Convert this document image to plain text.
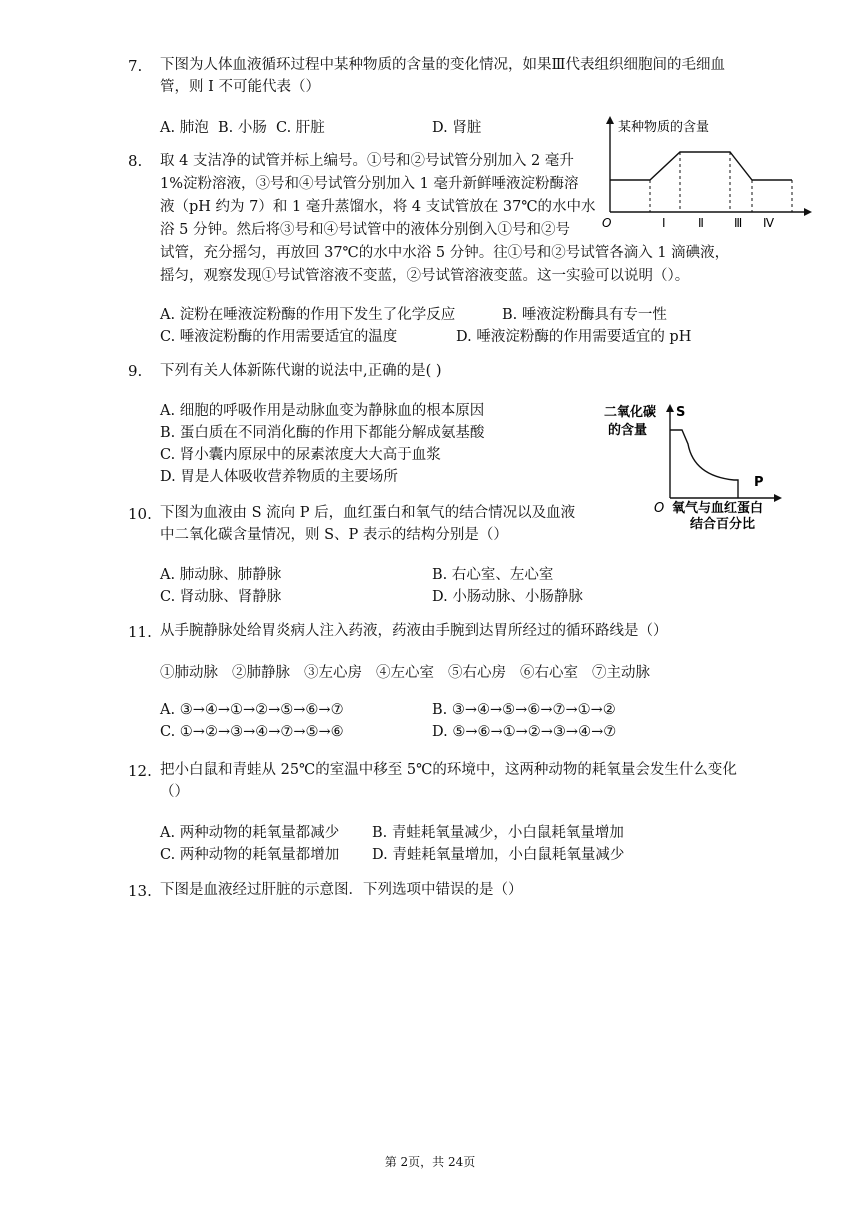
7. 下图为人体血液循环过程中某种物质的含量的变化情况，如果Ⅲ代表组织细胞间的毛细血
管，则 I 不可能代表（）
A. 肺泡 B. 小肠 C. 肝脏	D. 肾脏	某种物质的含量
O	I	Ⅱ	Ⅲ Ⅳ
8. 取 4 支洁净的试管并标上编号。①号和②号试管分别加入 2 毫升
1%淀粉溶液，③号和④号试管分别加入 1 毫升新鲜唾液淀粉酶溶
液（pH 约为 7）和 1 毫升蒸馏水，将 4 支试管放在 37℃的水中水
浴 5 分钟。然后将③号和④号试管中的液体分别倒入①号和②号
试管，充分摇匀，再放回 37℃的水中水浴 5 分钟。往①号和②号试管各滴入 1 滴碘液，
摇匀，观察发现①号试管溶液不变蓝，②号试管溶液变蓝。这一实验可以说明（）。
A. 淀粉在唾液淀粉酶的作用下发生了化学反应	B. 唾液淀粉酶具有专一性
C. 唾液淀粉酶的作用需要适宜的温度	D. 唾液淀粉酶的作用需要适宜的 pH
9. 下列有关人体新陈代谢的说法中,正确的是( )
A. 细胞的呼吸作用是动脉血变为静脉血的根本原因
B. 蛋白质在不同消化酶的作用下都能分解成氨基酸
C. 肾小囊内原尿中的尿素浓度大大高于血浆
D. 胃是人体吸收营养物质的主要场所
二氧化碳
的含量
S
P
O 氧气与血红蛋白
结合百分比
10. 下图为血液由 S 流向 P 后，血红蛋白和氧气的结合情况以及血液
中二氧化碳含量情况，则 S、P 表示的结构分别是（）
A. 肺动脉、肺静脉	B. 右心室、左心室
C. 肾动脉、肾静脉	D. 小肠动脉、小肠静脉
11. 从手腕静脉处给胃炎病人注入药液，药液由手腕到达胃所经过的循环路线是（）
①肺动脉 ②肺静脉 ③左心房 ④左心室 ⑤右心房 ⑥右心室 ⑦主动脉
A. ③→④→①→②→⑤→⑥→⑦	B. ③→④→⑤→⑥→⑦→①→②
C. ①→②→③→④→⑦→⑤→⑥	D. ⑤→⑥→①→②→③→④→⑦
12. 把小白鼠和青蛙从 25℃的室温中移至 5℃的环境中，这两种动物的耗氧量会发生什么变化
（）
A. 两种动物的耗氧量都减少 B. 青蛙耗氧量减少，小白鼠耗氧量增加
C. 两种动物的耗氧量都增加 D. 青蛙耗氧量增加，小白鼠耗氧量减少
13. 下图是血液经过肝脏的示意图．下列选项中错误的是（）
第 2页，共 24页
